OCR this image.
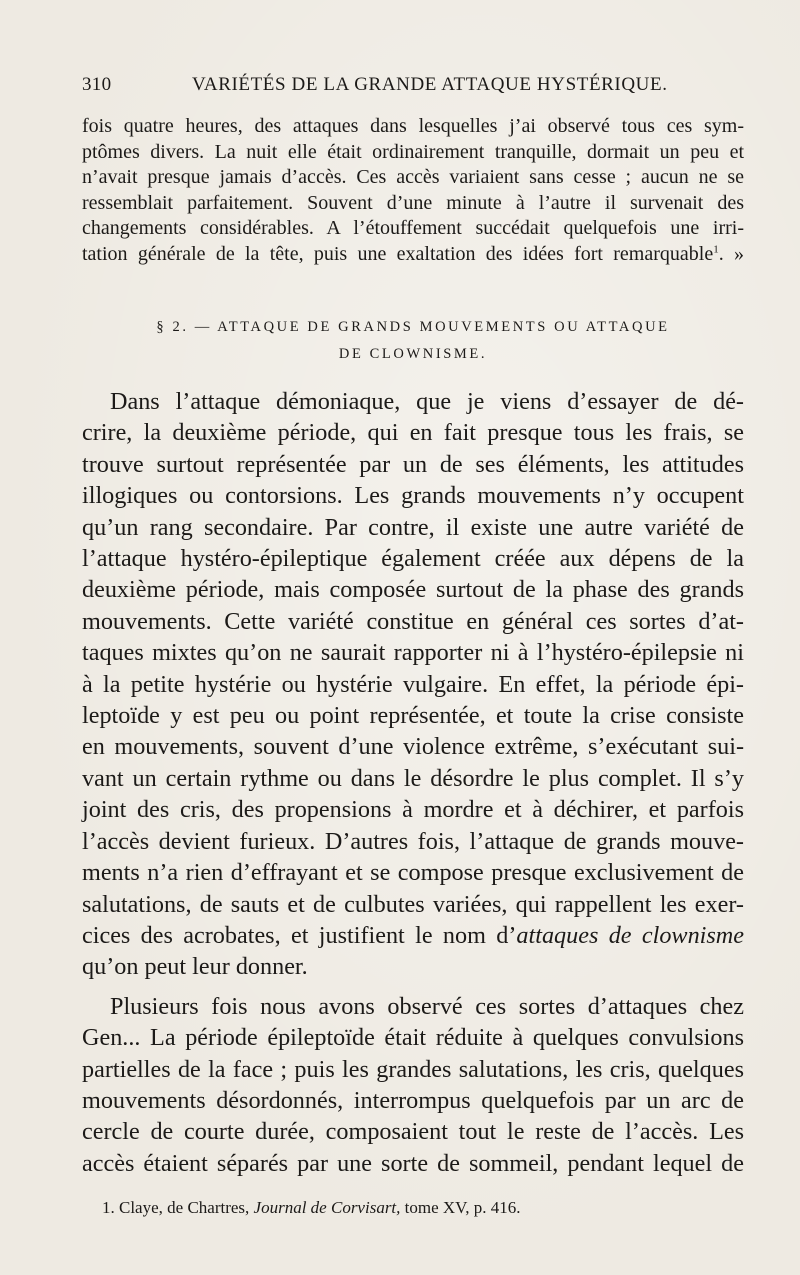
310	VARIÉTÉS DE LA GRANDE ATTAQUE HYSTÉRIQUE.
fois quatre heures, des attaques dans lesquelles j’ai observé tous ces sym-
ptômes divers. La nuit elle était ordinairement tranquille, dormait un peu et
n’avait presque jamais d’accès. Ces accès variaient sans cesse ; aucun ne se
ressemblait parfaitement. Souvent d’une minute à l’autre il survenait des
changements considérables. A l’étouffement succédait quelquefois une irri-
tation générale de la tête, puis une exaltation des idées fort remarquable$^1$. »
§ 2. — ATTAQUE DE GRANDS MOUVEMENTS OU ATTAQUE
DE CLOWNISME.
Dans l’attaque démoniaque, que je viens d’essayer de dé-
crire, la deuxième période, qui en fait presque tous les frais, se
trouve surtout représentée par un de ses éléments, les attitudes
illogiques ou contorsions. Les grands mouvements n’y occupent
qu’un rang secondaire. Par contre, il existe une autre variété de
l’attaque hystéro-épileptique également créée aux dépens de la
deuxième période, mais composée surtout de la phase des grands
mouvements. Cette variété constitue en général ces sortes d’at-
taques mixtes qu’on ne saurait rapporter ni à l’hystéro-épilepsie ni
à la petite hystérie ou hystérie vulgaire. En effet, la période épi-
leptoïde y est peu ou point représentée, et toute la crise consiste
en mouvements, souvent d’une violence extrême, s’exécutant sui-
vant un certain rythme ou dans le désordre le plus complet. Il s’y
joint des cris, des propensions à mordre et à déchirer, et parfois
l’accès devient furieux. D’autres fois, l’attaque de grands mouve-
ments n’a rien d’effrayant et se compose presque exclusivement de
salutations, de sauts et de culbutes variées, qui rappellent les exer-
cices des acrobates, et justifient le nom d’attaques de clownisme
qu’on peut leur donner.
Plusieurs fois nous avons observé ces sortes d’attaques chez
Gen... La période épileptoïde était réduite à quelques convulsions
partielles de la face ; puis les grandes salutations, les cris, quelques
mouvements désordonnés, interrompus quelquefois par un arc de
cercle de courte durée, composaient tout le reste de l’accès. Les
accès étaient séparés par une sorte de sommeil, pendant lequel de
1. Claye, de Chartres, Journal de Corvisart, tome XV, p. 416.
